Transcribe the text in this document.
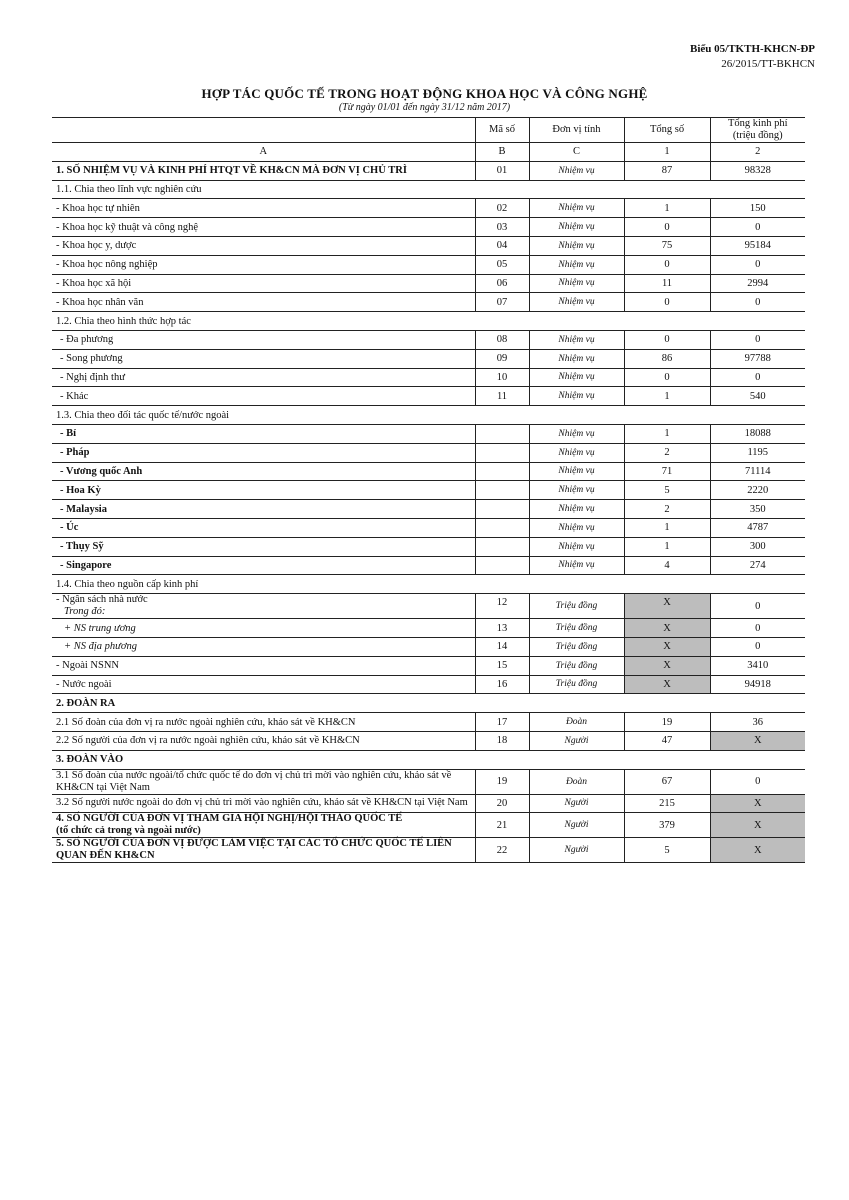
Biểu 05/TKTH-KHCN-ĐP
26/2015/TT-BKHCN
HỢP TÁC QUỐC TẾ TRONG HOẠT ĐỘNG KHOA HỌC VÀ CÔNG NGHỆ
(Từ ngày 01/01 đến ngày 31/12 năm 2017)
	Mã số	Đơn vị tính	Tổng số	Tổng kinh phí
(triệu đồng)

A	B	C	1	2
1. SỐ NHIỆM VỤ VÀ KINH PHÍ HTQT VỀ KH&CN MÀ ĐƠN VỊ CHỦ TRÌ	01	Nhiệm vụ	87	98328
1.1. Chia theo lĩnh vực nghiên cứu				
- Khoa học tự nhiên	02	Nhiệm vụ	1	150
- Khoa học kỹ thuật và công nghệ	03	Nhiệm vụ	0	0
- Khoa học y, dược	04	Nhiệm vụ	75	95184
- Khoa học nông nghiệp	05	Nhiệm vụ	0	0
- Khoa học xã hội	06	Nhiệm vụ	11	2994
- Khoa học nhân văn	07	Nhiệm vụ	0	0
1.2. Chia theo hình thức hợp tác				
- Đa phương	08	Nhiệm vụ	0	0
- Song phương	09	Nhiệm vụ	86	97788
- Nghị định thư	10	Nhiệm vụ	0	0
- Khác	11	Nhiệm vụ	1	540
1.3. Chia theo đối tác quốc tế/nước ngoài				
- Bỉ		Nhiệm vụ	1	18088
- Pháp		Nhiệm vụ	2	1195
- Vương quốc Anh		Nhiệm vụ	71	71114
- Hoa Kỳ		Nhiệm vụ	5	2220
- Malaysia		Nhiệm vụ	2	350
- Úc		Nhiệm vụ	1	4787
- Thụy Sỹ		Nhiệm vụ	1	300
- Singapore		Nhiệm vụ	4	274
1.4. Chia theo nguồn cấp kinh phí				

- Ngân sách nhà nước
Trong đó:	12	Triệu đồng	X	0
+ NS trung ương	13	Triệu đồng	X	0
+ NS địa phương	14	Triệu đồng	X	0
- Ngoài NSNN	15	Triệu đồng	X	3410
- Nước ngoài	16	Triệu đồng	X	94918
2. ĐOÀN RA				
2.1 Số đoàn của đơn vị ra nước ngoài nghiên cứu, khảo sát về KH&CN	17	Đoàn	19	36
2.2 Số người của đơn vị ra nước ngoài nghiên cứu, khảo sát về KH&CN	18	Người	47	X
3. ĐOÀN VÀO				
3.1 Số đoàn của nước ngoài/tổ chức quốc tế do đơn vị chủ trì mời vào nghiên cứu, khảo sát về KH&CN tại Việt Nam	19	Đoàn	67	0
3.2 Số người nước ngoài do đơn vị chủ trì mời vào nghiên cứu, khảo sát về KH&CN tại Việt Nam	20	Người	215	X

4. SỐ NGƯỜI CỦA ĐƠN VỊ THAM GIA HỘI NGHỊ/HỘI THẢO QUỐC TẾ
(tổ chức cả trong và ngoài nước)	21	Người	379	X
5. SỐ NGƯỜI CỦA ĐƠN VỊ ĐƯỢC LÀM VIỆC TẠI CÁC TỔ CHỨC QUỐC TẾ LIÊN QUAN ĐẾN KH&CN	22	Người	5	X
